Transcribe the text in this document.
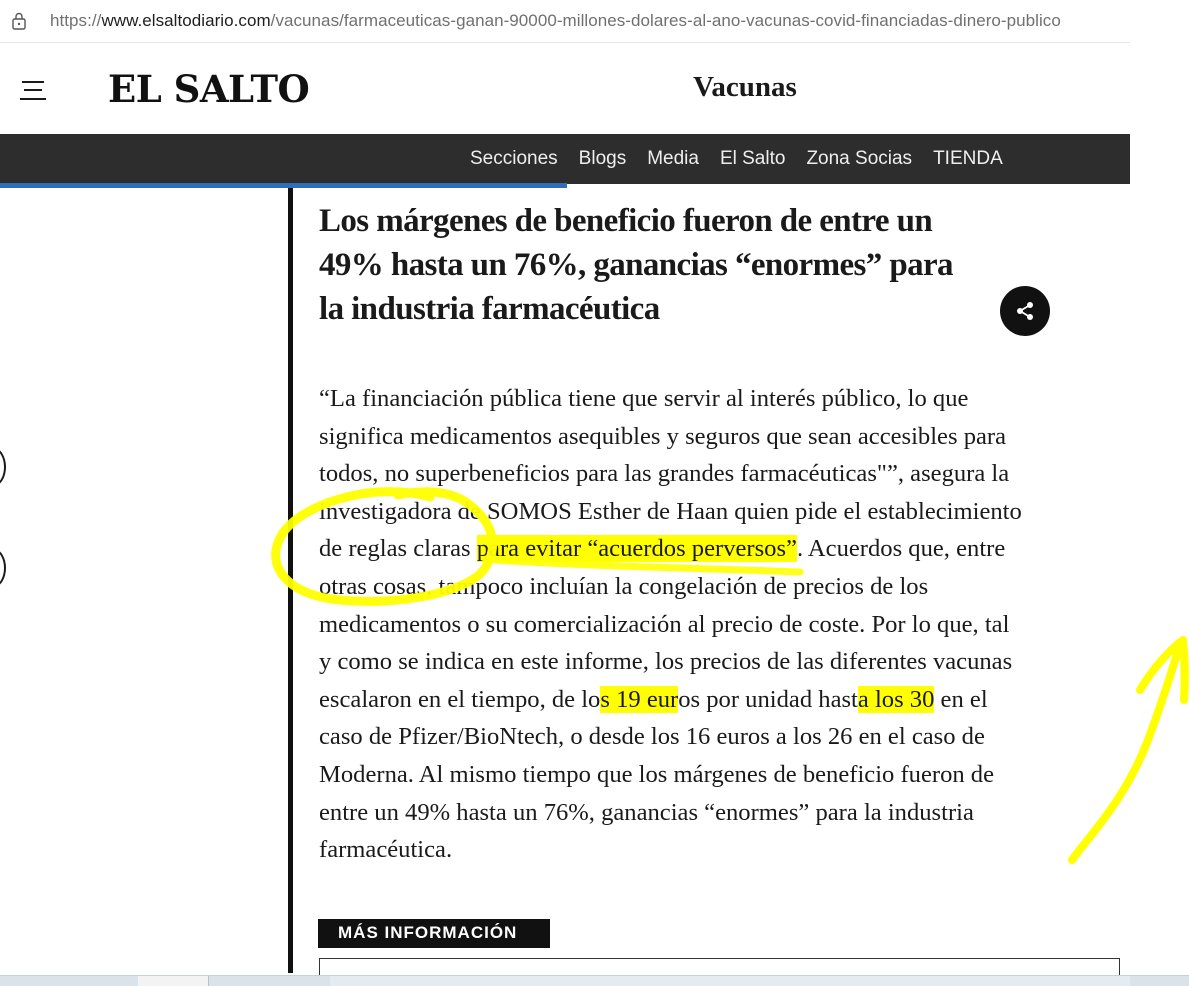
https://www.elsaltodiario.com/vacunas/farmaceuticas-ganan-90000-millones-dolares-al-ano-vacunas-covid-financiadas-dinero-publico
EL SALTO	Vacunas
Secciones Blogs Media El Salto Zona Socias TIENDA
Los márgenes de beneficio fueron de entre un
49% hasta un 76%, ganancias “enormes” para
la industria farmacéutica

“La financiación pública tiene que servir al interés público, lo que
significa medicamentos asequibles y seguros que sean accesibles para
todos, no superbeneficios para las grandes farmacéuticas"”, asegura la
investigadora de SOMOS Esther de Haan quien pide el establecimiento
de reglas claras para evitar “acuerdos perversos”. Acuerdos que, entre
otras cosas, tampoco incluían la congelación de precios de los
medicamentos o su comercialización al precio de coste. Por lo que, tal
y como se indica en este informe, los precios de las diferentes vacunas
escalaron en el tiempo, de los 19 euros por unidad hasta los 30 en el
caso de Pfizer/BioNtech, o desde los 16 euros a los 26 en el caso de
Moderna. Al mismo tiempo que los márgenes de beneficio fueron de
entre un 49% hasta un 76%, ganancias “enormes” para la industria
farmacéutica.

MÁS INFORMACIÓN
